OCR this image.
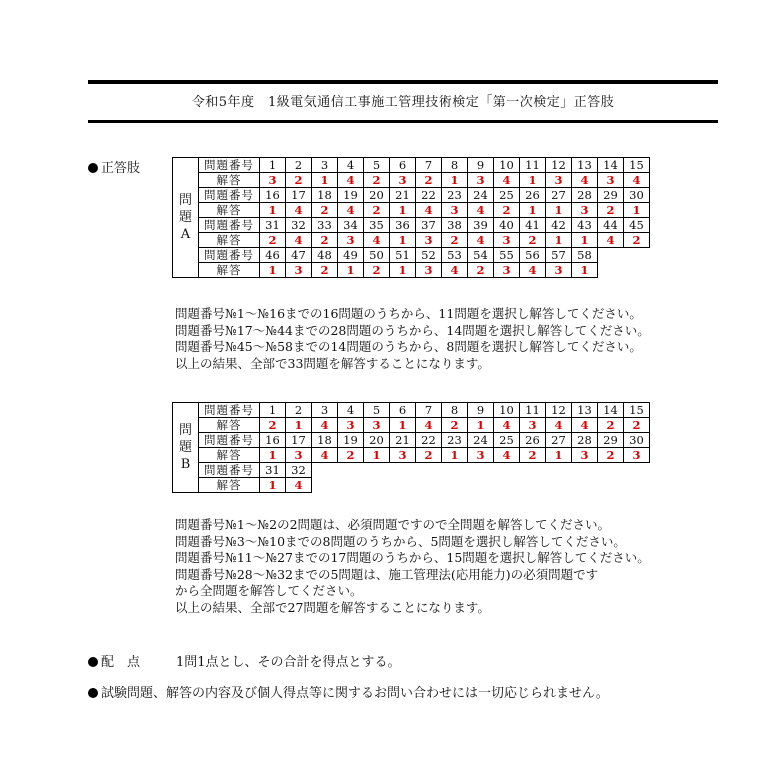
令和5年度　1級電気通信工事施工管理技術検定「第一次検定」正答肢
正答肢
問
題
A	問題番号	1	2	3	4	5	6	7	8	9	10	11	12	13	14	15
	解答	3	2	1	4	2	3	2	1	3	4	1	3	4	3	4
	問題番号	16	17	18	19	20	21	22	23	24	25	26	27	28	29	30
	解答	1	4	2	4	2	1	4	3	4	2	1	1	3	2	1
	問題番号	31	32	33	34	35	36	37	38	39	40	41	42	43	44	45
	解答	2	4	2	3	4	1	3	2	4	3	2	1	1	4	2
	問題番号	46	47	48	49	50	51	52	53	54	55	56	57	58		
	解答	1	3	2	1	2	1	3	4	2	3	4	3	1		
問題番号№1～№16までの16問題のうちから、11問題を選択し解答してください。
問題番号№17～№44までの28問題のうちから、14問題を選択し解答してください。
問題番号№45～№58までの14問題のうちから、8問題を選択し解答してください。
以上の結果、全部で33問題を解答することになります。
問
題
B	問題番号	1	2	3	4	5	6	7	8	9	10	11	12	13	14	15
	解答	2	1	4	3	3	1	4	2	1	4	3	4	4	2	2
	問題番号	16	17	18	19	20	21	22	23	24	25	26	27	28	29	30
	解答	1	3	4	2	1	3	2	1	3	4	2	1	3	2	3
	問題番号	31	32													
	解答	1	4													
問題番号№1～№2の2問題は、必須問題ですので全問題を解答してください。
問題番号№3～№10までの8問題のうちから、5問題を選択し解答してください。
問題番号№11～№27までの17問題のうちから、15問題を選択し解答してください。
問題番号№28～№32までの5問題は、施工管理法(応用能力)の必須問題です
から全問題を解答してください。
以上の結果、全部で27問題を解答することになります。
配　点	1問1点とし、その合計を得点とする。
試験問題、解答の内容及び個人得点等に関するお問い合わせには一切応じられません。
